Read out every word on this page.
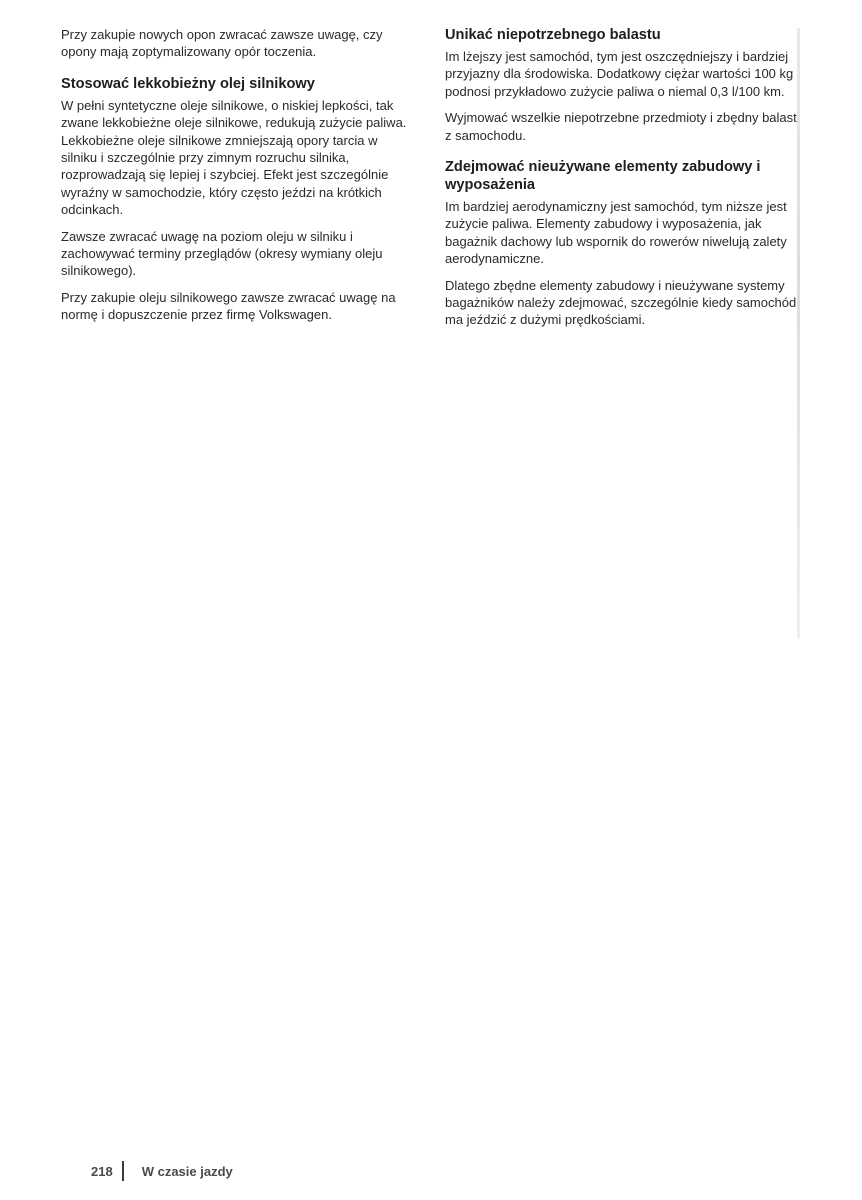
Przy zakupie nowych opon zwracać zawsze uwagę, czy opony mają zoptymalizowany opór toczenia.

Stosować lekkobieżny olej silnikowy

W pełni syntetyczne oleje silnikowe, o niskiej lepkości, tak zwane lekkobieżne oleje silnikowe, redukują zużycie paliwa. Lekkobieżne oleje silnikowe zmniejszają opory tarcia w silniku i szczególnie przy zimnym rozruchu silnika, rozprowadzają się lepiej i szybciej. Efekt jest szczególnie wyraźny w samochodzie, który często jeździ na krótkich odcinkach.

Zawsze zwracać uwagę na poziom oleju w silniku i zachowywać terminy przeglądów (okresy wymiany oleju silnikowego).

Przy zakupie oleju silnikowego zawsze zwracać uwagę na normę i dopuszczenie przez firmę Volkswagen.

Unikać niepotrzebnego balastu

Im lżejszy jest samochód, tym jest oszczędniejszy i bardziej przyjazny dla środowiska. Dodatkowy ciężar wartości 100 kg podnosi przykładowo zużycie paliwa o niemal 0,3 l/100 km.

Wyjmować wszelkie niepotrzebne przedmioty i zbędny balast z samochodu.

Zdejmować nieużywane elementy zabudowy i wyposażenia

Im bardziej aerodynamiczny jest samochód, tym niższe jest zużycie paliwa. Elementy zabudowy i wyposażenia, jak bagażnik dachowy lub wspornik do rowerów niwelują zalety aerodynamiczne.

Dlatego zbędne elementy zabudowy i nieużywane systemy bagażników należy zdejmować, szczególnie kiedy samochód ma jeździć z dużymi prędkościami.

218 W czasie jazdy
